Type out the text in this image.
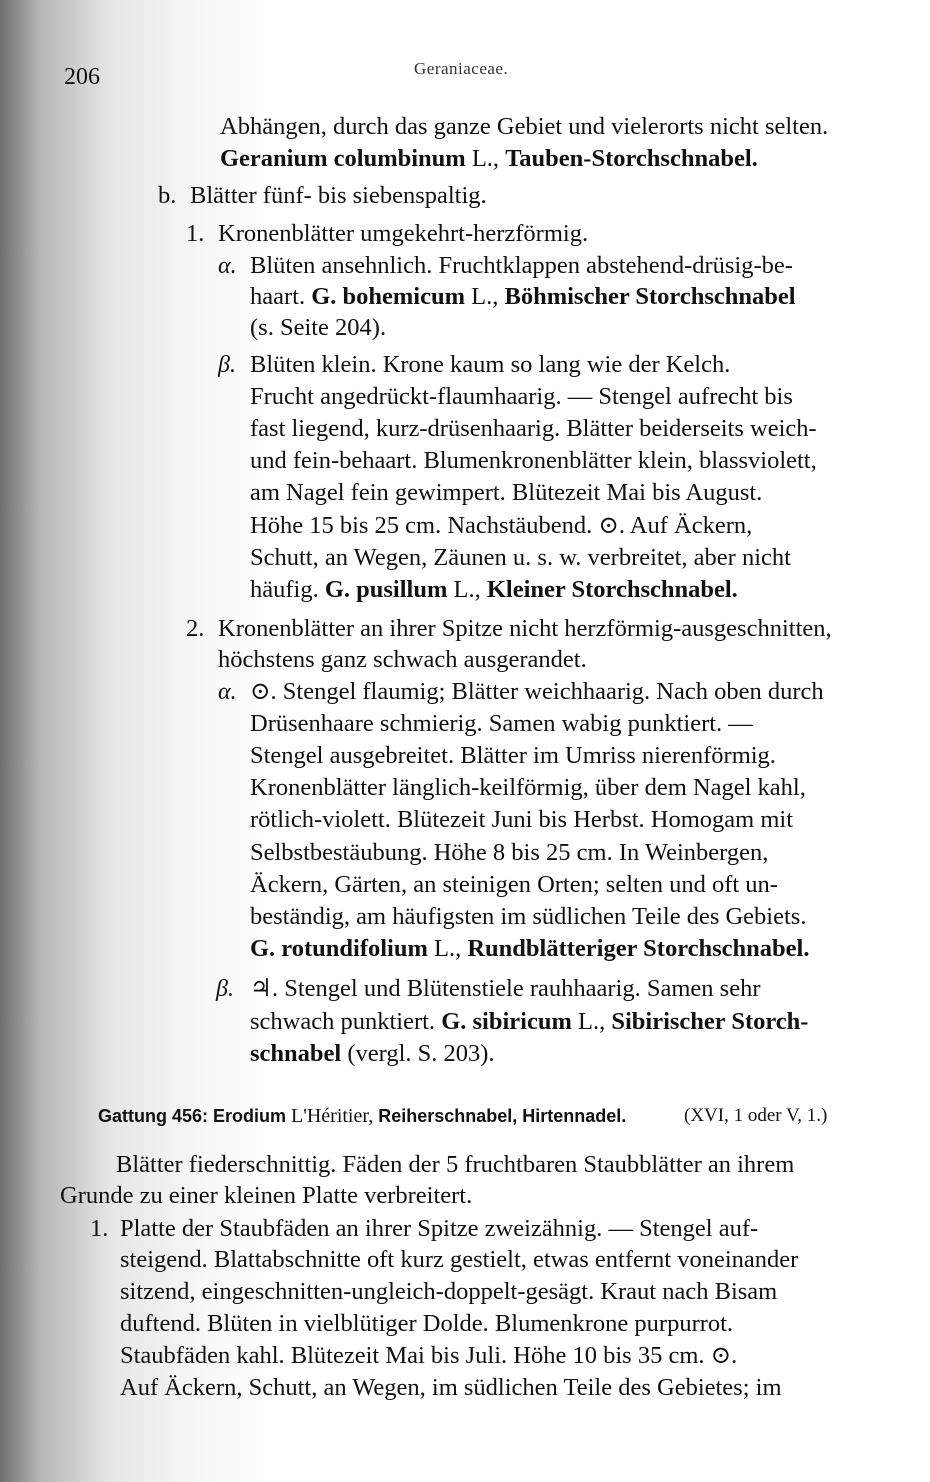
206	Geraniaceae.
Abhängen, durch das ganze Gebiet und vielerorts nicht selten.
Geranium columbinum L., Tauben-Storchschnabel.
b. Blätter fünf- bis siebenspaltig.
1. Kronenblätter umgekehrt-herzförmig.
α. Blüten ansehnlich. Fruchtklappen abstehend-drüsig-be-
haart. G. bohemicum L., Böhmischer Storchschnabel
(s. Seite 204).
β. Blüten klein. Krone kaum so lang wie der Kelch.
Frucht angedrückt-flaumhaarig. — Stengel aufrecht bis
fast liegend, kurz-drüsenhaarig. Blätter beiderseits weich-
und fein-behaart. Blumenkronenblätter klein, blassviolett,
am Nagel fein gewimpert. Blütezeit Mai bis August.
Höhe 15 bis 25 cm. Nachstäubend. ⊙. Auf Äckern,
Schutt, an Wegen, Zäunen u. s. w. verbreitet, aber nicht
häufig. G. pusillum L., Kleiner Storchschnabel.
2. Kronenblätter an ihrer Spitze nicht herzförmig-ausgeschnitten,
höchstens ganz schwach ausgerandet.
α. ⊙. Stengel flaumig; Blätter weichhaarig. Nach oben durch
Drüsenhaare schmierig. Samen wabig punktiert. —
Stengel ausgebreitet. Blätter im Umriss nierenförmig.
Kronenblätter länglich-keilförmig, über dem Nagel kahl,
rötlich-violett. Blütezeit Juni bis Herbst. Homogam mit
Selbstbestäubung. Höhe 8 bis 25 cm. In Weinbergen,
Äckern, Gärten, an steinigen Orten; selten und oft un-
beständig, am häufigsten im südlichen Teile des Gebiets.
G. rotundifolium L., Rundblätteriger Storchschnabel.
β. ♃. Stengel und Blütenstiele rauhhaarig. Samen sehr
schwach punktiert. G. sibiricum L., Sibirischer Storch-
schnabel (vergl. S. 203).
Gattung 456: Erodium L'Héritier, Reiherschnabel, Hirtennadel.	(XVI, 1 oder V, 1.)
Blätter fiederschnittig. Fäden der 5 fruchtbaren Staubblätter an ihrem
Grunde zu einer kleinen Platte verbreitert.
1. Platte der Staubfäden an ihrer Spitze zweizähnig. — Stengel auf-
steigend. Blattabschnitte oft kurz gestielt, etwas entfernt voneinander
sitzend, eingeschnitten-ungleich-doppelt-gesägt. Kraut nach Bisam
duftend. Blüten in vielblütiger Dolde. Blumenkrone purpurrot.
Staubfäden kahl. Blütezeit Mai bis Juli. Höhe 10 bis 35 cm. ⊙.
Auf Äckern, Schutt, an Wegen, im südlichen Teile des Gebietes; im
